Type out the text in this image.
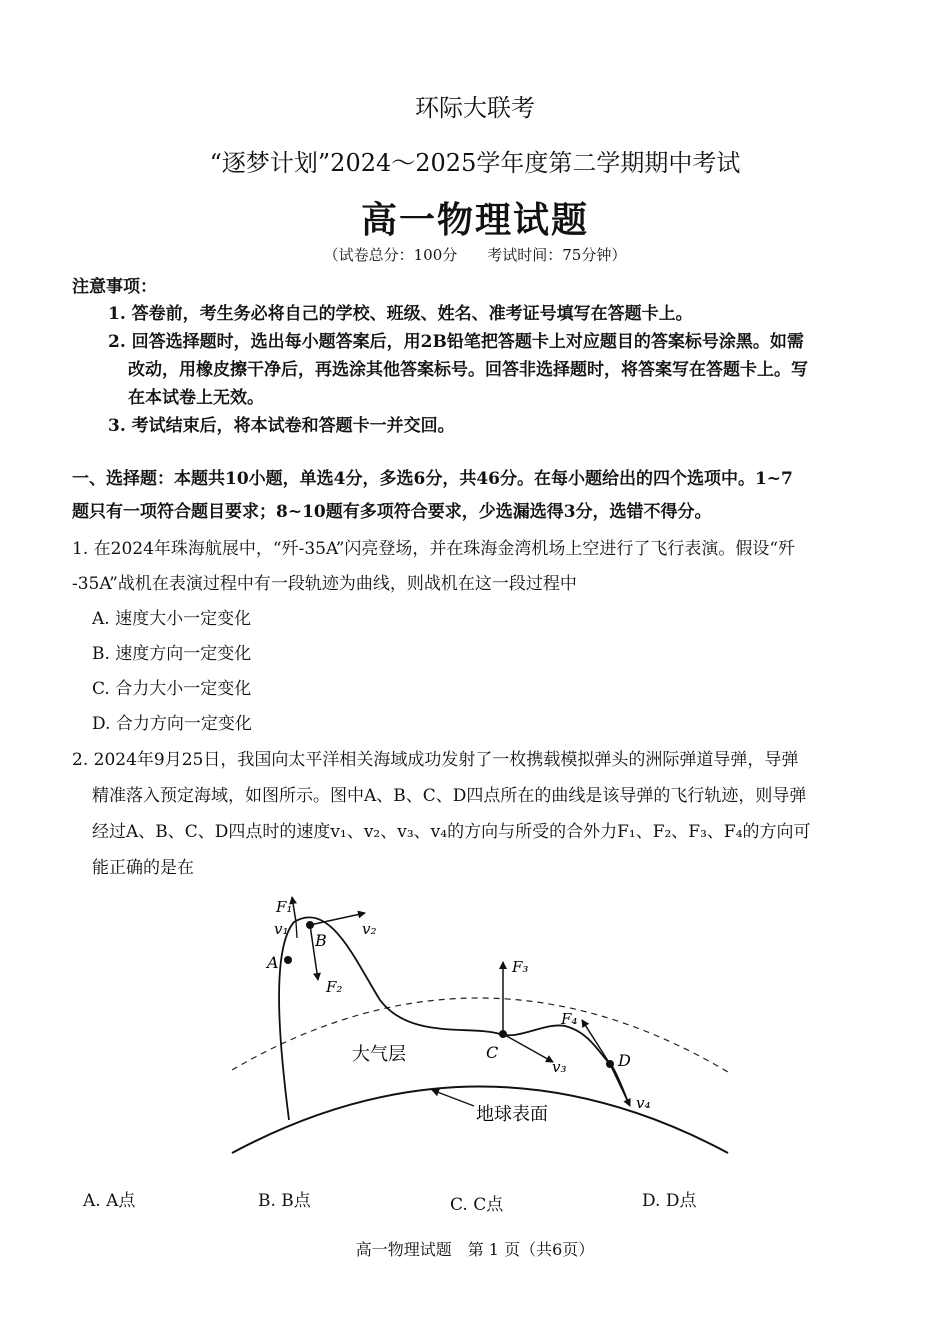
环际大联考
“逐梦计划”2024～2025学年度第二学期期中考试
高一物理试题
（试卷总分：100分　　考试时间：75分钟）
注意事项：
1. 答卷前，考生务必将自己的学校、班级、姓名、准考证号填写在答题卡上。
2. 回答选择题时，选出每小题答案后，用2B铅笔把答题卡上对应题目的答案标号涂黑。如需
改动，用橡皮擦干净后，再选涂其他答案标号。回答非选择题时，将答案写在答题卡上。写
在本试卷上无效。
3. 考试结束后，将本试卷和答题卡一并交回。
一、选择题：本题共10小题，单选4分，多选6分，共46分。在每小题给出的四个选项中。1~7
题只有一项符合题目要求；8~10题有多项符合要求，少选漏选得3分，选错不得分。
1. 在2024年珠海航展中，“歼-35A”闪亮登场，并在珠海金湾机场上空进行了飞行表演。假设“歼
-35A”战机在表演过程中有一段轨迹为曲线，则战机在这一段过程中
A. 速度大小一定变化
B. 速度方向一定变化
C. 合力大小一定变化
D. 合力方向一定变化
2. 2024年9月25日，我国向太平洋相关海域成功发射了一枚携载模拟弹头的洲际弹道导弹，导弹
精准落入预定海域，如图所示。图中A、B、C、D四点所在的曲线是该导弹的飞行轨迹，则导弹
经过A、B、C、D四点时的速度v₁、v₂、v₃、v₄的方向与所受的合外力F₁、F₂、F₃、F₄的方向可
能正确的是在
F₁
v₁
A
B
v₂
F₂
F₃
C
v₃
F₄
D
v₄
大气层
地球表面
A. A点	B. B点	C. C点	D. D点
高一物理试题　第 1 页（共6页）
